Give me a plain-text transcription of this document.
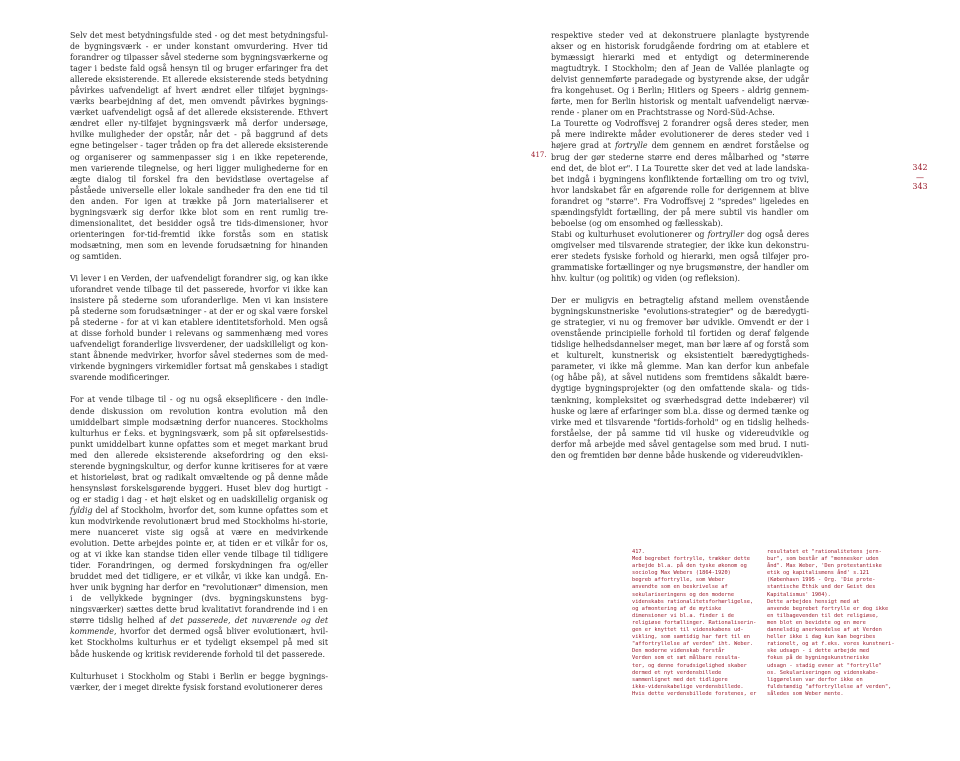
Selv det mest betydningsfulde sted - og det mest betydningsful-de bygningsværk - er under konstant omvurdering. Hver tid forandrer og tilpasser såvel stederne som bygningsværkerne og tager i bedste fald også hensyn til og bruger erfaringer fra det allerede eksisterende. Et allerede eksisterende steds betydning påvirkes uafvendeligt af hvert ændret eller tilføjet bygnings-værks bearbejdning af det, men omvendt påvirkes bygnings-værket uafvendeligt også af det allerede eksisterende. Ethvert ændret eller ny-tilføjet bygningsværk må derfor undersøge, hvilke muligheder der opstår, når det - på baggrund af dets egne betingelser - tager tråden op fra det allerede eksisterende og organiserer og sammenpasser sig i en ikke repeterende, men varierende tilegnelse, og heri ligger mulighederne for en ægte dialog til forskel fra den bevidstløse overtagelse af påståede universelle eller lokale sandheder fra den ene tid til den anden. For igen at trække på Jorn materialiserer et bygningsværk sig derfor ikke blot som en rent rumlig tre-dimensionalitet, det besidder også tre tids-dimensioner, hvor orienteringen for-tid-fremtid ikke forstås som en statisk modsætning, men som en levende forudsætning for hinanden og samtiden.

Vi lever i en Verden, der uafvendeligt forandrer sig, og kan ikke uforandret vende tilbage til det passerede, hvorfor vi ikke kan insistere på stederne som uforanderlige. Men vi kan insistere på stederne som forudsætninger - at der er og skal være forskel på stederne - for at vi kan etablere identitetsforhold. Men også at disse forhold bunder i relevans og sammenhæng med vores uafvendeligt foranderlige livsverdener, der uadskilleligt og kon-stant åbnende medvirker, hvorfor såvel stedernes som de med-virkende bygningers virkemidler fortsat må genskabes i stadigt svarende modificeringer.

For at vende tilbage til - og nu også ekseplificere - den indle-dende diskussion om revolution kontra evolution må den umiddelbart simple modsætning derfor nuanceres. Stockholms kulturhus er f.eks. et bygningsværk, som på sit opførelsestids-punkt umiddelbart kunne opfattes som et meget markant brud med den allerede eksisterende aksefordring og den eksi-sterende bygningskultur, og derfor kunne kritiseres for at være et historieløst, brat og radikalt omvæltende og på denne måde hensynsløst forskelsgørende byggeri. Huset blev dog hurtigt - og er stadig i dag - et højt elsket og en uadskillelig organisk og fyldig del af Stockholm, hvorfor det, som kunne opfattes som et kun modvirkende revolutionært brud med Stockholms hi-storie, mere nuanceret viste sig også at være en medvirkende evolution. Dette arbejdes pointe er, at tiden er et vilkår for os, og at vi ikke kan standse tiden eller vende tilbage til tidligere tider. Forandringen, og dermed forskydningen fra og/eller bruddet med det tidligere, er et vilkår, vi ikke kan undgå. En-hver unik bygning har derfor en "revolutionær" dimension, men i de vellykkede bygninger (dvs. bygningskunstens byg-ningsværker) sættes dette brud kvalitativt forandrende ind i en større tidslig helhed af det passerede, det nuværende og det kommende, hvorfor det dermed også bliver evolutionært, hvil-ket Stockholms kulturhus er et tydeligt eksempel på med sit både huskende og kritisk reviderende forhold til det passerede.

Kulturhuset i Stockholm og Stabi i Berlin er begge bygnings-værker, der i meget direkte fysisk forstand evolutionerer deres

417.

respektive steder ved at dekonstruere planlagte bystyrende akser og en historisk forudgående fordring om at etablere et bymæssigt hierarki med et entydigt og determinerende magtudtryk. I Stockholm; den af Jean de Vallée planlagte og delvist gennemførte paradegade og bystyrende akse, der udgår fra kongehuset. Og i Berlin; Hitlers og Speers - aldrig gennem-førte, men for Berlin historisk og mentalt uafvendeligt nærvæ-rende - planer om en Prachtstrasse og Nord-Süd-Achse.

La Tourette og Vodroffsvej 2 forandrer også deres steder, men på mere indirekte måder evolutionerer de deres steder ved i højere grad at fortrylle dem gennem en ændret forståelse og brug der gør stederne større end deres målbarhed og "større end det, de blot er". I La Tourette sker det ved at lade landska-bet indgå i bygningens konfliktende fortælling om tro og tvivl, hvor landskabet får en afgørende rolle for derigennem at blive forandret og "større". Fra Vodroffsvej 2 "spredes" ligeledes en spændingsfyldt fortælling, der på mere subtil vis handler om beboelse (og om ensomhed og fællesskab).

Stabi og kulturhuset evolutionerer og fortryller dog også deres omgivelser med tilsvarende strategier, der ikke kun dekonstru-erer stedets fysiske forhold og hierarki, men også tilføjer pro-grammatiske fortællinger og nye brugsmønstre, der handler om hhv. kultur (og politik) og viden (og refleksion).

Der er muligvis en betragtelig afstand mellem ovenstående bygningskunstneriske "evolutions-strategier" og de bæredygti-ge strategier, vi nu og fremover bør udvikle. Omvendt er der i ovenstående principielle forhold til fortiden og deraf følgende tidslige helhedsdannelser meget, man bør lære af og forstå som et kulturelt, kunstnerisk og eksistentielt bæredygtigheds-parameter, vi ikke må glemme. Man kan derfor kun anbefale (og håbe på), at såvel nutidens som fremtidens såkaldt bære-dygtige bygningsprojekter (og den omfattende skala- og tids-tænkning, kompleksitet og sværhedsgrad dette indebærer) vil huske og lære af erfaringer som bl.a. disse og dermed tænke og virke med et tilsvarende "fortids-forhold" og en tidslig helheds-forståelse, der på samme tid vil huske og videreudvikle og derfor må arbejde med såvel gentagelse som med brud. I nuti-den og fremtiden bør denne både huskende og videreudviklen-

342
—
343
417.
Med begrebet fortrylle, trækker dette
arbejde bl.a. på den tyske økonom og
sociolog Max Webers (1864-1920)
begreb affortrylle, som Weber
anvendte som en beskrivelse af
sekulariseringens og den moderne
videnskabs rationalitetsforhærligelse,
og afmontering af de mytiske
dimensioner vi bl.a. finder i de
religiøse fortællinger. Rationaliserin-
gen er knyttet til videnskabens ud-
vikling, som samtidig har ført til en
"affortryllelse af verden" iht. Weber.
Den moderne videnskab forstår
Verden som et sæt målbare resulta-
ter, og denne forudsigelighed skaber
dermed et nyt verdensbillede
sammenlignet med det tidligere
ikke-videnskabelige verdensbillede.
Hvis dette verdensbillede forstenes, er
resultatet et "rationalitetens jern-
bur", som består af "mennesker uden
ånd". Max Weber, 'Den protestantiske
etik og kapitalismens ånd' s.121
(København 1995 - Org. 'Die prote-
stantische Ethik und der Geist des
Kapitalismus' 1904).
Dette arbejdes hensigt med at
anvende begrebet fortrylle er dog ikke
en tilbagevenden til det religiøse,
men blot en bevidste og en mere
dannelsdig anerkendelse af at Verden
heller ikke i dag kun kan begribes
rationelt, og at f.eks. vores kunstneri-
ske udsagn - i dette arbejde med
fokus på de bygningskunstneriske
udsagn - stadig evner at "fortrylle"
os. Sekulariseringen og videnskabe-
liggørelsen var derfor ikke en
fuldstændig "affortryllelse af verden",
således som Weber mente.
